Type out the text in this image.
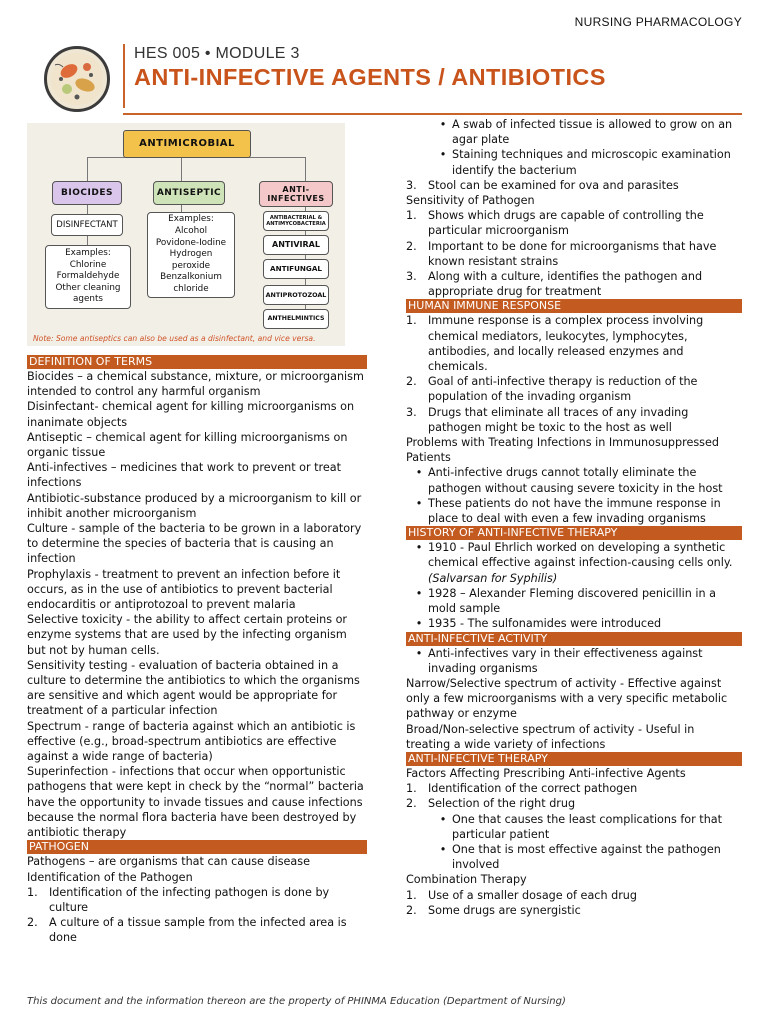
NURSING PHARMACOLOGY
HES 005 • MODULE 3
ANTI-INFECTIVE AGENTS / ANTIBIOTICS
ANTIMICROBIAL
BIOCIDES
DISINFECTANT
Examples:
Chlorine
Formaldehyde
Other cleaning
agents
ANTISEPTIC
Examples:
Alcohol
Povidone-Iodine
Hydrogen
peroxide
Benzalkonium
chloride
ANTI-
INFECTIVES
ANTIBACTERIAL &
ANTIMYCOBACTERIA
ANTIVIRAL
ANTIFUNGAL
ANTIPROTOZOAL
ANTHELMINTICS
Note: Some antiseptics can also be used as a disinfectant, and vice versa.
DEFINITION OF TERMS
Biocides – a chemical substance, mixture, or microorganism intended to control any harmful organism
Disinfectant- chemical agent for killing microorganisms on inanimate objects
Antiseptic – chemical agent for killing microorganisms on organic tissue
Anti-infectives – medicines that work to prevent or treat infections
Antibiotic-substance produced by a microorganism to kill or inhibit another microorganism
Culture - sample of the bacteria to be grown in a laboratory to determine the species of bacteria that is causing an infection
Prophylaxis - treatment to prevent an infection before it occurs, as in the use of antibiotics to prevent bacterial endocarditis or antiprotozoal to prevent malaria
Selective toxicity - the ability to affect certain proteins or enzyme systems that are used by the infecting organism but not by human cells.
Sensitivity testing - evaluation of bacteria obtained in a culture to determine the antibiotics to which the organisms are sensitive and which agent would be appropriate for treatment of a particular infection
Spectrum - range of bacteria against which an antibiotic is effective (e.g., broad-spectrum antibiotics are effective against a wide range of bacteria)
Superinfection - infections that occur when opportunistic pathogens that were kept in check by the “normal” bacteria have the opportunity to invade tissues and cause infections because the normal flora bacteria have been destroyed by antibiotic therapy
PATHOGEN
Pathogens – are organisms that can cause disease
Identification of the Pathogen
1.	Identification of the infecting pathogen is done by culture
2.	A culture of a tissue sample from the infected area is done
• A swab of infected tissue is allowed to grow on an agar plate
• Staining techniques and microscopic examination identify the bacterium
3.	Stool can be examined for ova and parasites
Sensitivity of Pathogen
1.	Shows which drugs are capable of controlling the particular microorganism
2.	Important to be done for microorganisms that have known resistant strains
3.	Along with a culture, identifies the pathogen and appropriate drug for treatment
HUMAN IMMUNE RESPONSE
1.	Immune response is a complex process involving chemical mediators, leukocytes, lymphocytes, antibodies, and locally released enzymes and chemicals.
2.	Goal of anti-infective therapy is reduction of the population of the invading organism
3.	Drugs that eliminate all traces of any invading pathogen might be toxic to the host as well
Problems with Treating Infections in Immunosuppressed Patients
• Anti-infective drugs cannot totally eliminate the pathogen without causing severe toxicity in the host
• These patients do not have the immune response in place to deal with even a few invading organisms
HISTORY OF ANTI-INFECTIVE THERAPY
• 1910 - Paul Ehrlich worked on developing a synthetic chemical effective against infection-causing cells only. (Salvarsan for Syphilis)
• 1928 – Alexander Fleming discovered penicillin in a mold sample
• 1935 - The sulfonamides were introduced
ANTI-INFECTIVE ACTIVITY
• Anti-infectives vary in their effectiveness against invading organisms
Narrow/Selective spectrum of activity - Effective against only a few microorganisms with a very specific metabolic pathway or enzyme
Broad/Non-selective spectrum of activity - Useful in treating a wide variety of infections
ANTI-INFECTIVE THERAPY
Factors Affecting Prescribing Anti-infective Agents
1.	Identification of the correct pathogen
2.	Selection of the right drug
• One that causes the least complications for that particular patient
• One that is most effective against the pathogen involved
Combination Therapy
1.	Use of a smaller dosage of each drug
2.	Some drugs are synergistic
This document and the information thereon are the property of PHINMA Education (Department of Nursing)
